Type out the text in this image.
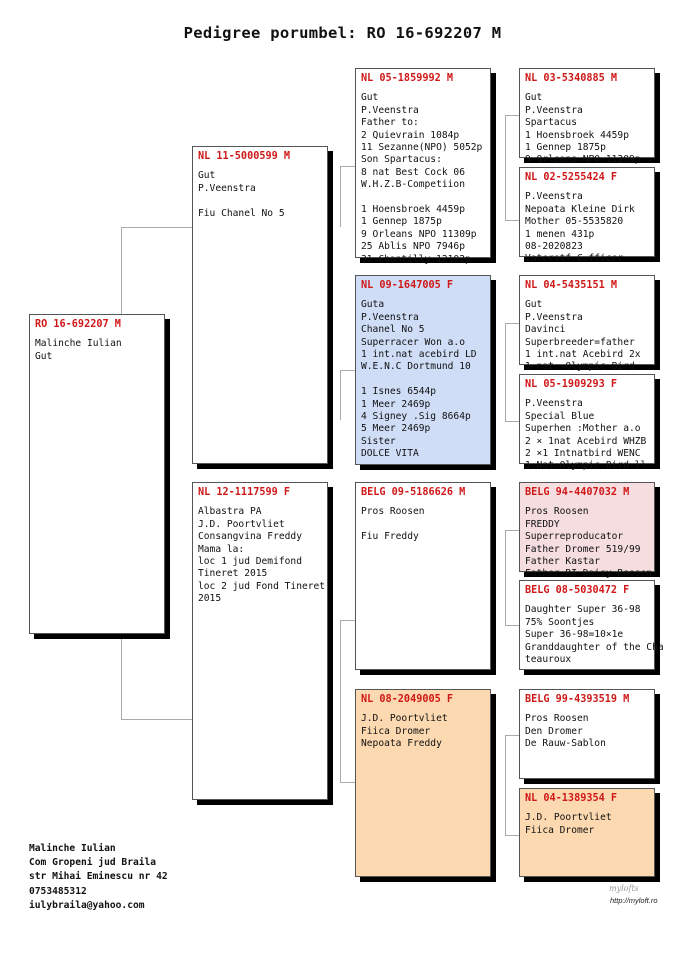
Pedigree porumbel: RO 16-692207 M
RO 16-692207 M
Malinche Iulian
Gut
NL 11-5000599 M
Gut
P.Veenstra
Fiu Chanel No 5
NL 12-1117599 F
Albastra PA
J.D. Poortvliet
Consangvina Freddy
Mama la:
loc 1 jud Demifond
Tineret 2015
loc 2 jud Fond Tineret
2015
NL 05-1859992 M
Gut
P.Veenstra
Father to:
2 Quievrain 1084p
11 Sezanne(NPO) 5052p
Son Spartacus:
8 nat Best Cock 06
W.H.Z.B-Competiion
1 Hoensbroek 4459p
1 Gennep 1875p
9 Orleans NPO 11309p
25 Ablis NPO 7946p
31 Chantilly 12102p
NL 09-1647005 F
Guta
P.Veenstra
Chanel No 5
Superracer Won a.o
1 int.nat acebird LD
W.E.N.C Dortmund 10
1 Isnes 6544p
1 Meer 2469p
4 Signey .Sig 8664p
5 Meer 2469p
Sister
DOLCE VITA
BELG 09-5186626 M
Pros Roosen
Fiu Freddy
NL 08-2049005 F
J.D. Poortvliet
Fiica Dromer
Nepoata Freddy
NL 03-5340885 M
Gut
P.Veenstra
Spartacus
1 Hoensbroek 4459p
1 Gennep 1875p
9 Orleans NPO 11309p
NL 02-5255424 F
P.Veenstra
Nepoata Kleine Dirk
Mother 05-5535820
1 menen 431p
08-2020823
Vaterstf C.fficer
NL 04-5435151 M
Gut
P.Veenstra
Davinci
Superbreeder=father
1 int.nat Acebird 2x
1 nat. Olympic Bird
NL 05-1909293 F
P.Veenstra
Special Blue
Superhen :Mother a.o
2 × 1nat Acebird WHZB
2 ×1 Intnatbird WENC
1 Nat Olympic Bird ll
BELG 94-4407032 M
Pros Roosen
FREDDY
Superreproducator
Father Dromer 519/99
Father Kastar
Father RI Daisy Roosen
BELG 08-5030472 F
Daughter Super 36-98
75% Soontjes
Super 36-98=10×1e
Granddaughter of the Cha
teauroux
BELG 99-4393519 M
Pros Roosen
Den Dromer
De Rauw-Sablon
NL 04-1389354 F
J.D. Poortvliet
Fiica Dromer
Malinche Iulian
Com Gropeni jud Braila
str Mihai Eminescu nr 42
0753485312
iulybraila@yahoo.com
mylofts
http://myloft.ro
